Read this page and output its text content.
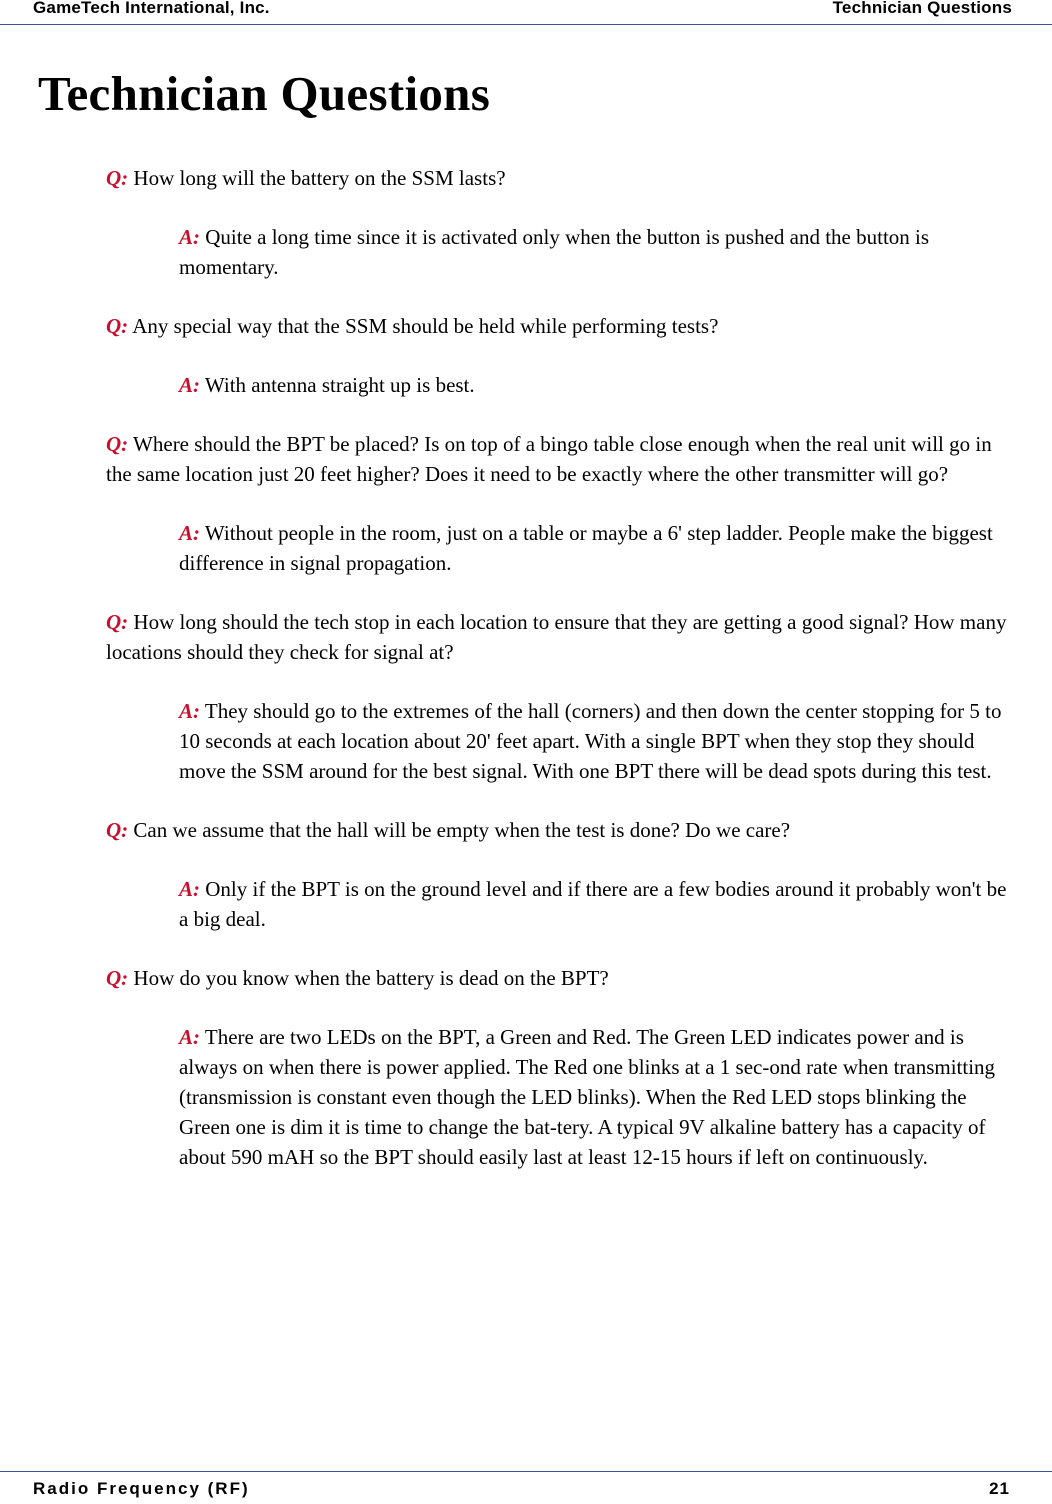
GameTech International, Inc.	Technician Questions
Technician Questions

Q: How long will the battery on the SSM lasts?

A: Quite a long time since it is activated only when the button is pushed and the button is momentary.

Q: Any special way that the SSM should be held while performing tests?

A: With antenna straight up is best.

Q: Where should the BPT be placed? Is on top of a bingo table close enough when the real unit will go in the same location just 20 feet higher? Does it need to be exactly where the other transmitter will go?

A: Without people in the room, just on a table or maybe a 6' step ladder. People make the biggest difference in signal propagation.

Q: How long should the tech stop in each location to ensure that they are getting a good signal? How many locations should they check for signal at?

A: They should go to the extremes of the hall (corners) and then down the center stopping for 5 to 10 seconds at each location about 20' feet apart. With a single BPT when they stop they should move the SSM around for the best signal. With one BPT there will be dead spots during this test.

Q: Can we assume that the hall will be empty when the test is done? Do we care?

A: Only if the BPT is on the ground level and if there are a few bodies around it probably won't be a big deal.

Q: How do you know when the battery is dead on the BPT?

A: There are two LEDs on the BPT, a Green and Red. The Green LED indicates power and is always on when there is power applied. The Red one blinks at a 1 sec-ond rate when transmitting (transmission is constant even though the LED blinks). When the Red LED stops blinking the Green one is dim it is time to change the bat-tery. A typical 9V alkaline battery has a capacity of about 590 mAH so the BPT should easily last at least 12-15 hours if left on continuously.

Radio Frequency (RF)	21
